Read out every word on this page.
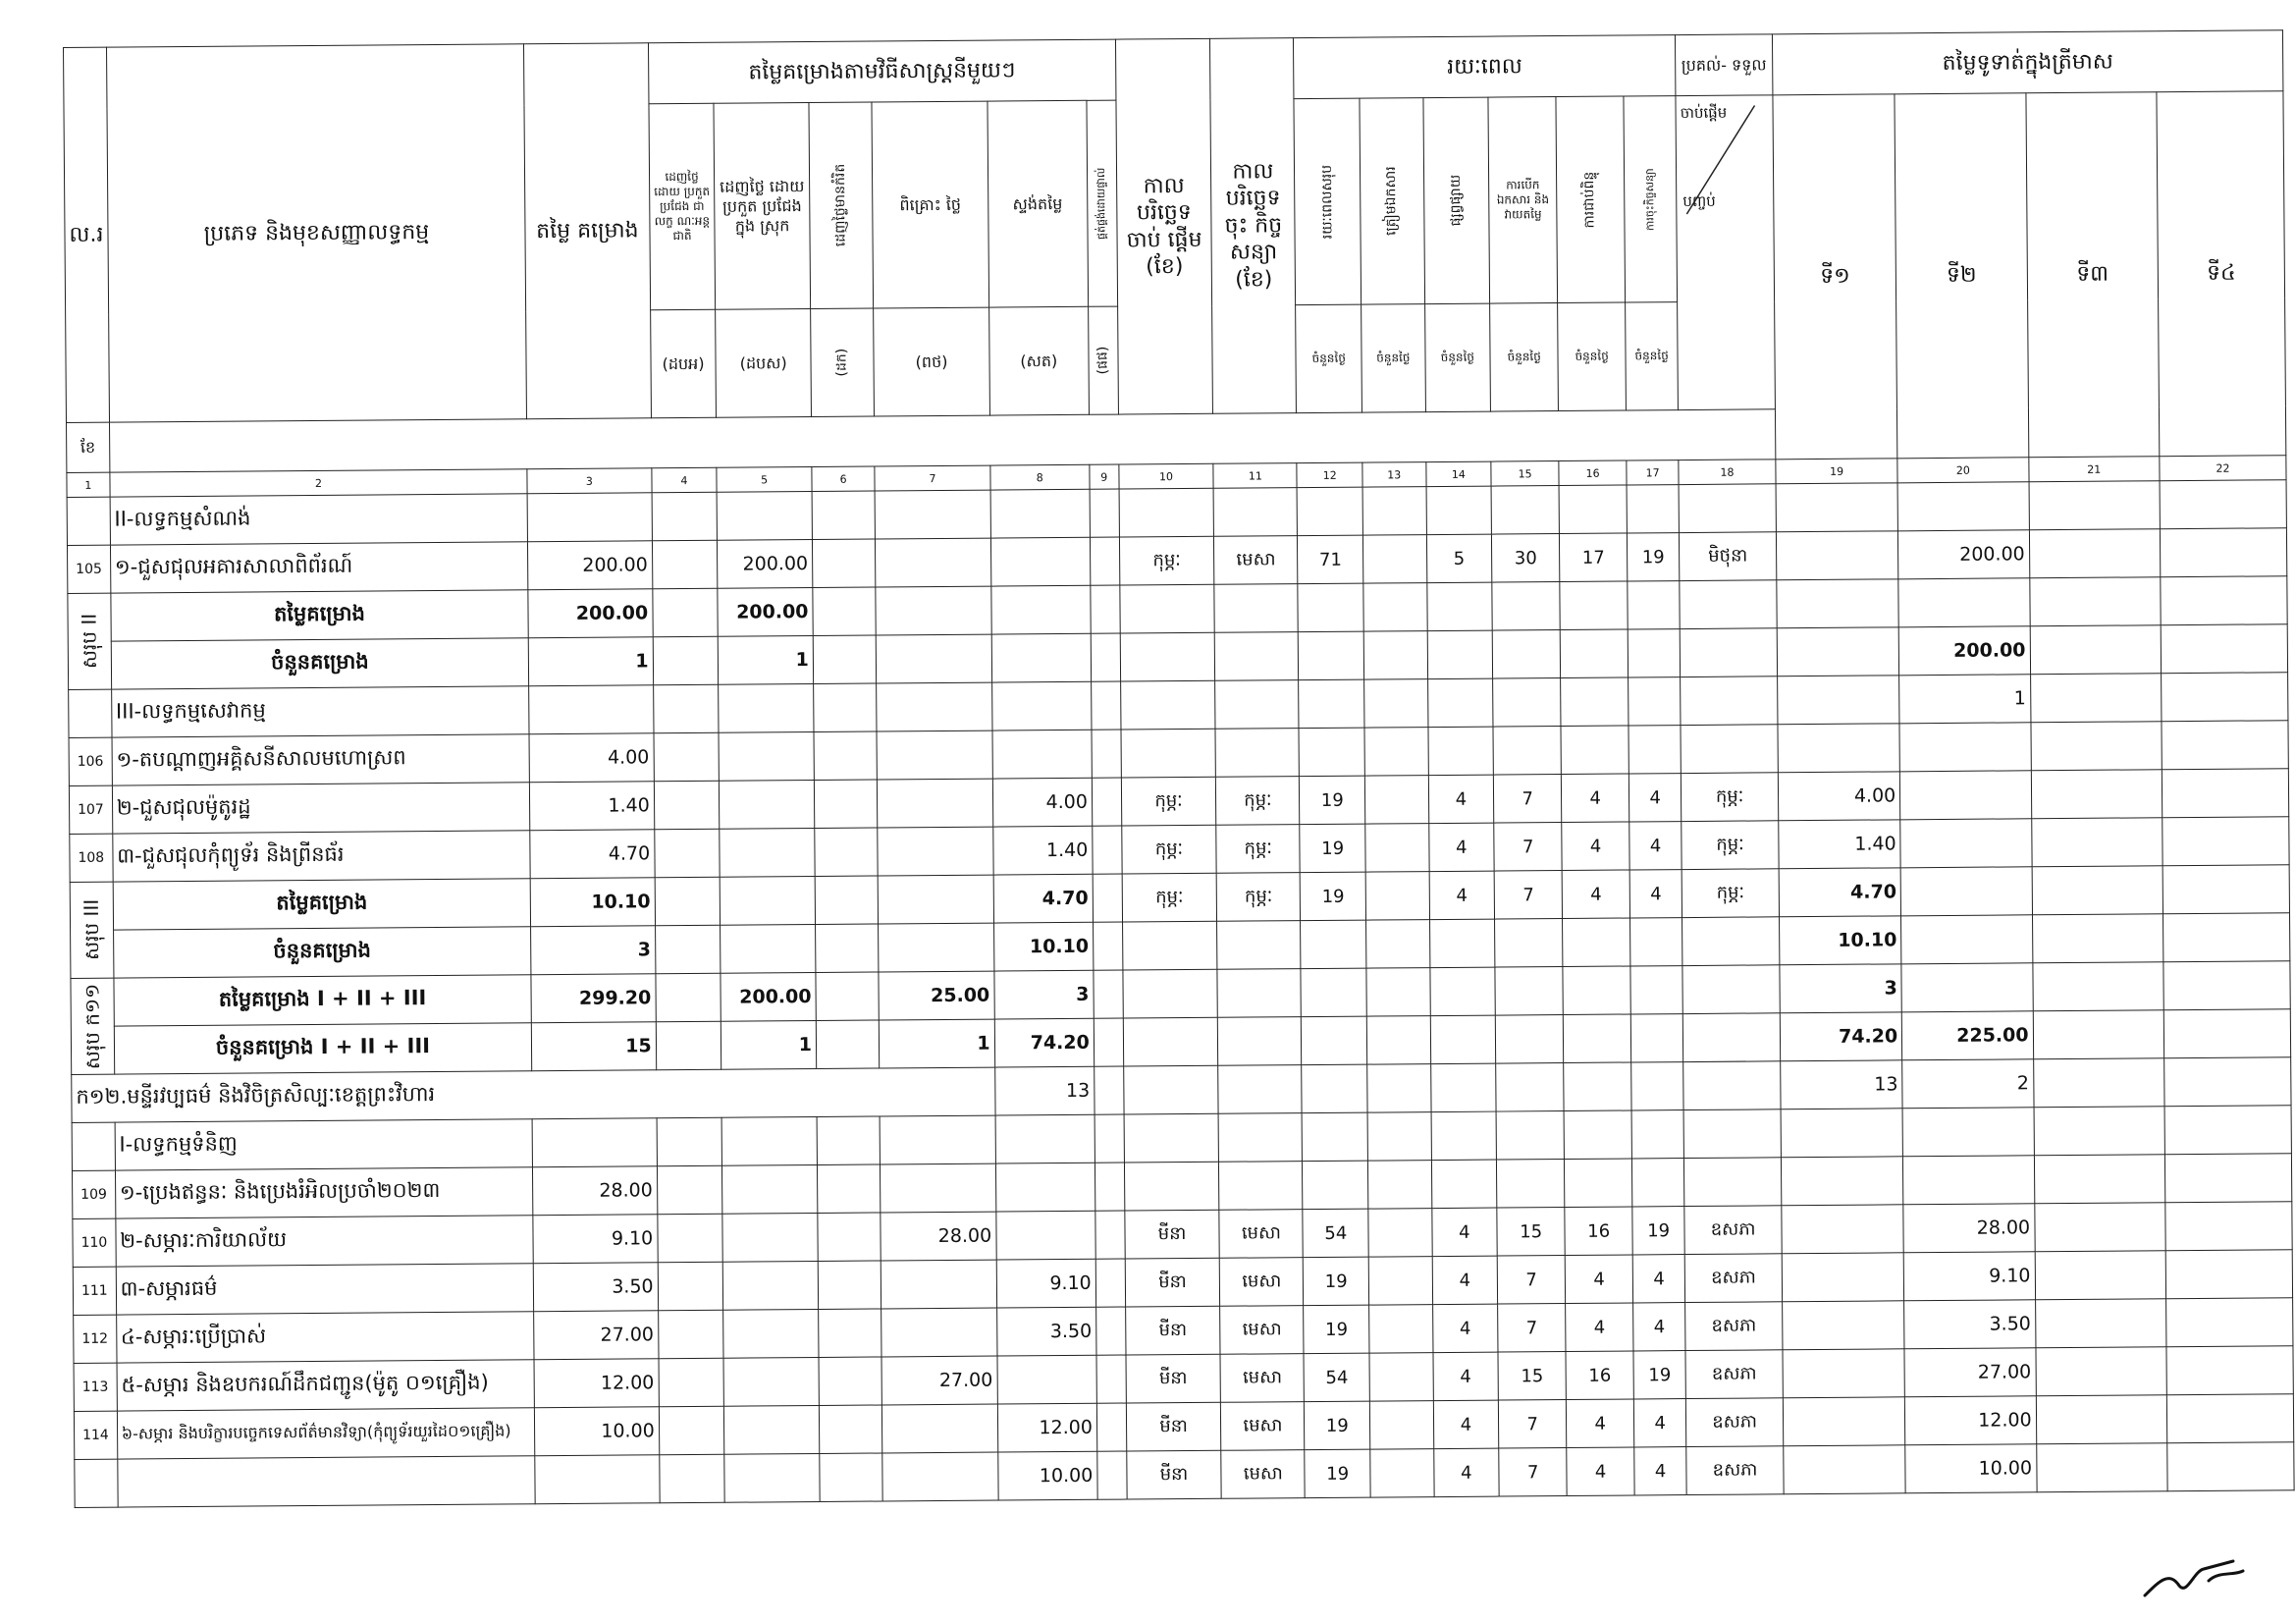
ល.រ	ប្រភេទ និងមុខសញ្ញាលទ្ធកម្ម	តម្លៃ គម្រោង	តម្លៃគម្រោងតាមវិធីសាស្ត្រនីមួយៗ						កាល បរិច្ឆេទ ចាប់ ផ្តើម (ខែ)	កាល បរិច្ឆេទ ចុះ កិច្ច សន្យា (ខែ)	រយៈពេល						ប្រគល់- ទទួល	តម្លៃទូទាត់ក្នុងត្រីមាស			
			ដេញថ្លៃ ដោយ ប្រកួត ប្រជែង ជាលក្ខ ណៈអន្ត ជាតិ	ដេញថ្លៃ ដោយប្រកួត ប្រជែងក្នុង ស្រុក	ដេញថ្លៃមានកំរិត	ពិគ្រោះ ថ្លៃ	ស្ទង់តម្លៃ	ផ្គត់ផ្គង់ដោយផ្ទាល់			រយៈពេលសរុប	ត្រៀមឯកសារ	ផ្សព្វផ្សាយ	ការបើក ឯកសារ និង វាយតម្លៃ	ការជាប់ពិន្ទុ	ការចុះកិច្ចសន្យា	ចាប់ផ្តើម
បញ្ចប់	ទី១	ទី២	ទី៣	ទី៤
			(ដបអ)	(ដបស)	(ដក)	(ពថ)	(សត)	(ផផ)			ចំនួនថ្ងៃ	ចំនួនថ្ងៃ	ចំនួនថ្ងៃ	ចំនួនថ្ងៃ	ចំនួនថ្ងៃ	ចំនួនថ្ងៃ					
ខែ																					
1	2	3	4	5	6	7	8	9	10	11	12	13	14	15	16	17	18	19	20	21	22
	II-លទ្ធកម្មសំណង់																				
105	១-ជួសជុលអគារសាលាពិព័រណ៍	200.00		200.00					កុម្ភៈ	មេសា	71		5	30	17	19	មិថុនា		200.00		

សរុប II	តម្លៃគម្រោង	200.00		200.00																	
	ចំនួនគម្រោង	1		1															200.00		
	III-លទ្ធកម្មសេវាកម្ម																		1		
106	១-តបណ្ដាញអគ្គិសនីសាលមហោស្រព	4.00																			
107	២-ជួសជុលម៉ូតូរដ្ឋ	1.40					4.00		កុម្ភៈ	កុម្ភៈ	19		4	7	4	4	កុម្ភៈ	4.00			
108	៣-ជួសជុលកុំព្យូទ័រ និងព្រីនធ័រ	4.70					1.40		កុម្ភៈ	កុម្ភៈ	19		4	7	4	4	កុម្ភៈ	1.40			

សរុប III	តម្លៃគម្រោង	10.10					4.70		កុម្ភៈ	កុម្ភៈ	19		4	7	4	4	កុម្ភៈ	4.70			
	ចំនួនគម្រោង	3					10.10											10.10			

សរុប ក១១	តម្លៃគម្រោង I + II + III	299.20		200.00		25.00	3											3			
	ចំនួនគម្រោង I + II + III	15		1		1	74.20											74.20	225.00		
ក១២.មន្ទីរវប្បធម៌ និងវិចិត្រសិល្បៈខេត្តព្រះវិហារ							13											13	2		
	I-លទ្ធកម្មទំនិញ																				
109	១-ប្រេងឥន្ធនៈ និងប្រេងរំអិលប្រចាំ២០២៣	28.00																			
110	២-សម្ភារៈការិយាល័យ	9.10				28.00			មីនា	មេសា	54		4	15	16	19	ឧសភា		28.00		
111	៣-សម្ភារធម៌	3.50					9.10		មីនា	មេសា	19		4	7	4	4	ឧសភា		9.10		
112	៤-សម្ភារៈប្រើប្រាស់	27.00					3.50		មីនា	មេសា	19		4	7	4	4	ឧសភា		3.50		
113	៥-សម្ភារ និងឧបករណ៍ដឹកជញ្ជូន(ម៉ូតូ ០១គ្រឿង)	12.00				27.00			មីនា	មេសា	54		4	15	16	19	ឧសភា		27.00		
114	៦-សម្ភារ និងបរិក្ខារបច្ចេកទេសព័ត៌មានវិទ្យា(កុំព្យូទ័រយួរដៃ០១គ្រឿង)	10.00					12.00		មីនា	មេសា	19		4	7	4	4	ឧសភា		12.00		
							10.00		មីនា	មេសា	19		4	7	4	4	ឧសភា		10.00		
